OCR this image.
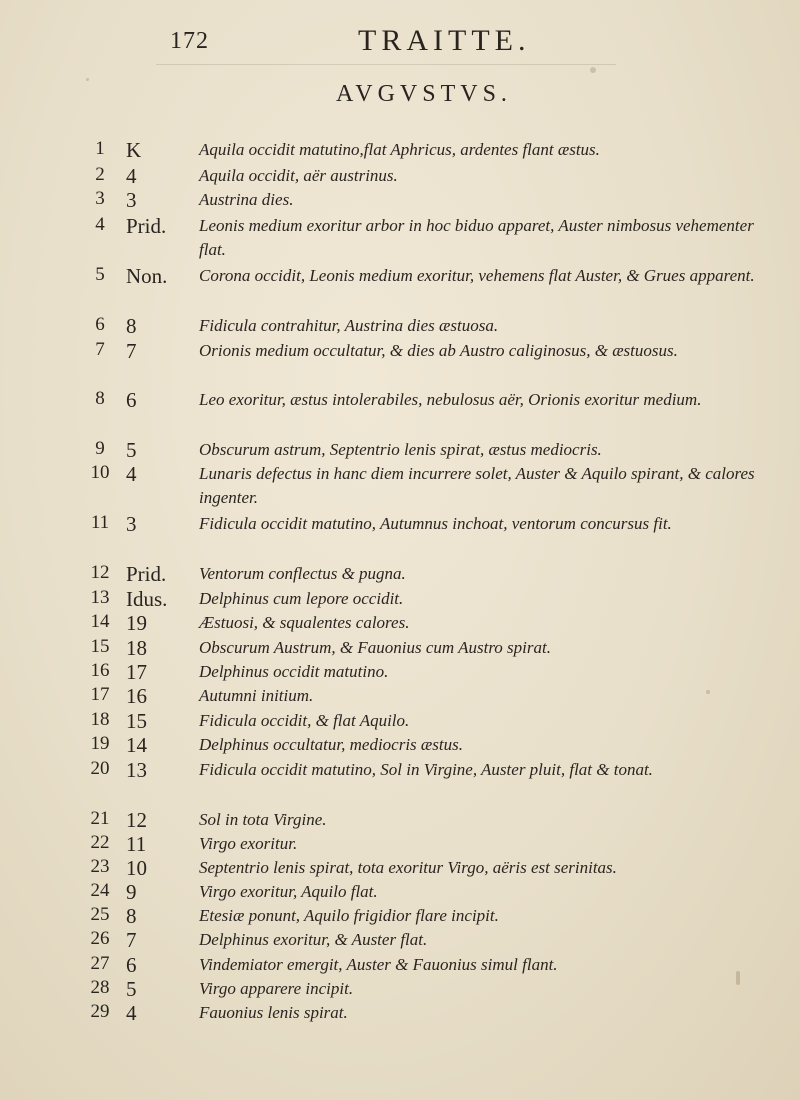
172	TRAITTE.
AVGVSTVS.
1	K	Aquila occidit matutino,flat Aphricus, ardentes flant æstus.
2	4	Aquila occidit, aër austrinus.
3	3	Austrina dies.
4	Prid.	Leonis medium exoritur arbor in hoc biduo apparet, Auster nimbosus vehementer flat.
5	Non.	Corona occidit, Leonis medium exoritur, vehemens flat Auster, & Grues apparent.
6	8	Fidicula contrahitur, Austrina dies æstuosa.
7	7	Orionis medium occultatur, & dies ab Austro caliginosus, & æstuosus.
8	6	Leo exoritur, æstus intolerabiles, nebulosus aër, Orionis exoritur medium.
9	5	Obscurum astrum, Septentrio lenis spirat, æstus mediocris.
10 4	Lunaris defectus in hanc diem incurrere solet, Auster & Aquilo spirant, & calores ingenter.
11 3	Fidicula occidit matutino, Autumnus inchoat, ventorum concursus fit.
12 Prid.	Ventorum conflectus & pugna.
13 Idus.	Delphinus cum lepore occidit.
14 19	Æstuosi, & squalentes calores.
15 18	Obscurum Austrum, & Fauonius cum Austro spirat.
16 17	Delphinus occidit matutino.
17 16	Autumni initium.
18 15	Fidicula occidit, & flat Aquilo.
19 14	Delphinus occultatur, mediocris æstus.
20 13	Fidicula occidit matutino, Sol in Virgine, Auster pluit, flat & tonat.
21 12	Sol in tota Virgine.
22 11	Virgo exoritur.
23 10	Septentrio lenis spirat, tota exoritur Virgo, aëris est serinitas.
24 9	Virgo exoritur, Aquilo flat.
25 8	Etesiæ ponunt, Aquilo frigidior flare incipit.
26 7	Delphinus exoritur, & Auster flat.
27 6	Vindemiator emergit, Auster & Fauonius simul flant.
28 5	Virgo apparere incipit.
29 4	Fauonius lenis spirat.
